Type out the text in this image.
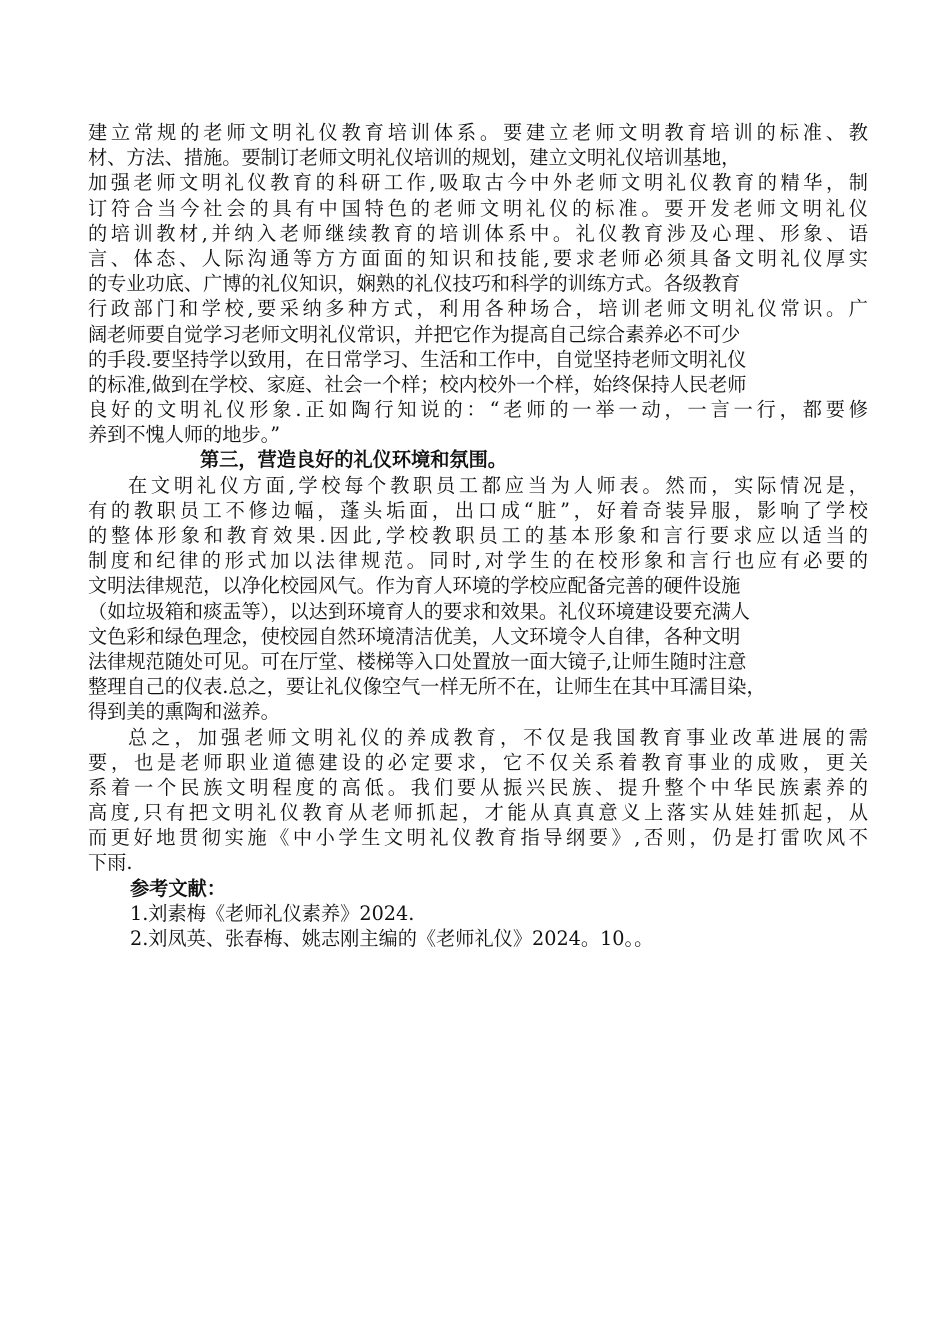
建立常规的老师文明礼仪教育培训体系。要建立老师文明教育培训的标准、教
材、方法、措施。要制订老师文明礼仪培训的规划，建立文明礼仪培训基地，
加强老师文明礼仪教育的科研工作,吸取古今中外老师文明礼仪教育的精华，制
订符合当今社会的具有中国特色的老师文明礼仪的标准。要开发老师文明礼仪
的培训教材,并纳入老师继续教育的培训体系中。礼仪教育涉及心理、形象、语
言、体态、人际沟通等方方面面的知识和技能,要求老师必须具备文明礼仪厚实
的专业功底、广博的礼仪知识，娴熟的礼仪技巧和科学的训练方式。各级教育
行政部门和学校,要采纳多种方式，利用各种场合，培训老师文明礼仪常识。广
阔老师要自觉学习老师文明礼仪常识，并把它作为提高自己综合素养必不可少
的手段.要坚持学以致用，在日常学习、生活和工作中，自觉坚持老师文明礼仪
的标准,做到在学校、家庭、社会一个样；校内校外一个样，始终保持人民老师
良好的文明礼仪形象.正如陶行知说的：“老师的一举一动，一言一行，都要修
养到不愧人师的地步。”
第三，营造良好的礼仪环境和氛围。
在文明礼仪方面,学校每个教职员工都应当为人师表。然而，实际情况是，
有的教职员工不修边幅，蓬头垢面，出口成“脏”，好着奇装异服，影响了学校
的整体形象和教育效果.因此,学校教职员工的基本形象和言行要求应以适当的
制度和纪律的形式加以法律规范。同时,对学生的在校形象和言行也应有必要的
文明法律规范，以净化校园风气。作为育人环境的学校应配备完善的硬件设施
（如垃圾箱和痰盂等），以达到环境育人的要求和效果。礼仪环境建设要充满人
文色彩和绿色理念，使校园自然环境清洁优美，人文环境令人自律，各种文明
法律规范随处可见。可在厅堂、楼梯等入口处置放一面大镜子,让师生随时注意
整理自己的仪表.总之，要让礼仪像空气一样无所不在，让师生在其中耳濡目染，
得到美的熏陶和滋养。
总之，加强老师文明礼仪的养成教育，不仅是我国教育事业改革进展的需
要，也是老师职业道德建设的必定要求，它不仅关系着教育事业的成败，更关
系着一个民族文明程度的高低。我们要从振兴民族、提升整个中华民族素养的
高度,只有把文明礼仪教育从老师抓起，才能从真真意义上落实从娃娃抓起，从
而更好地贯彻实施《中小学生文明礼仪教育指导纲要》,否则，仍是打雷吹风不
下雨.
参考文献：
1.刘素梅《老师礼仪素养》2024.
2.刘凤英、张春梅、姚志刚主编的《老师礼仪》2024。10。。
